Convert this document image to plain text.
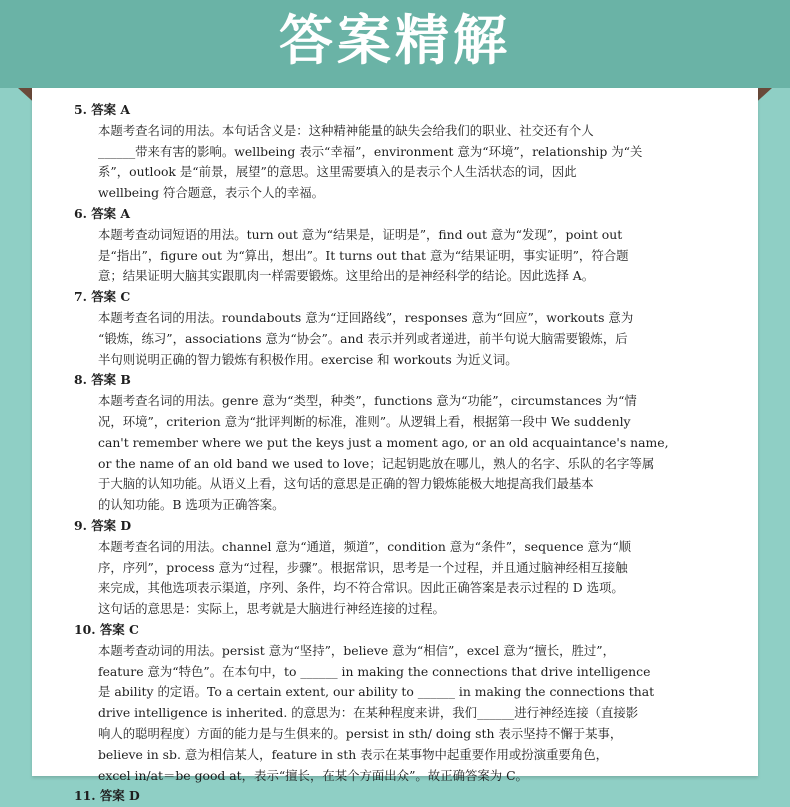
答案精解

5. 答案 A

本题考查名词的用法。本句话含义是：这种精神能量的缺失会给我们的职业、社交还有个人

______带来有害的影响。wellbeing 表示“幸福”，environment 意为“环境”，relationship 为“关

系”，outlook 是“前景，展望”的意思。这里需要填入的是表示个人生活状态的词，因此

wellbeing 符合题意，表示个人的幸福。

6. 答案 A

本题考查动词短语的用法。turn out 意为“结果是，证明是”，find out 意为“发现”，point out

是“指出”，figure out 为“算出，想出”。It turns out that 意为“结果证明，事实证明”，符合题

意；结果证明大脑其实跟肌肉一样需要锻炼。这里给出的是神经科学的结论。因此选择 A。

7. 答案 C

本题考查名词的用法。roundabouts 意为“迂回路线”，responses 意为“回应”，workouts 意为

“锻炼，练习”，associations 意为“协会”。and 表示并列或者递进，前半句说大脑需要锻炼，后

半句则说明正确的智力锻炼有积极作用。exercise 和 workouts 为近义词。

8. 答案 B

本题考查名词的用法。genre 意为“类型，种类”，functions 意为“功能”，circumstances 为“情

况，环境”，criterion 意为“批评判断的标准，准则”。从逻辑上看，根据第一段中 We suddenly

can't remember where we put the keys just a moment ago, or an old acquaintance's name,

or the name of an old band we used to love；记起钥匙放在哪儿，熟人的名字、乐队的名字等属

于大脑的认知功能。从语义上看，这句话的意思是正确的智力锻炼能极大地提高我们最基本

的认知功能。B 选项为正确答案。

9. 答案 D

本题考查名词的用法。channel 意为“通道，频道”，condition 意为“条件”，sequence 意为“顺

序，序列”，process 意为“过程，步骤”。根据常识，思考是一个过程，并且通过脑神经相互接触

来完成，其他选项表示渠道，序列、条件，均不符合常识。因此正确答案是表示过程的 D 选项。

这句话的意思是：实际上，思考就是大脑进行神经连接的过程。

10. 答案 C

本题考查动词的用法。persist 意为“坚持”，believe 意为“相信”，excel 意为“擅长，胜过”，

feature 意为“特色”。在本句中，to ______ in making the connections that drive intelligence

是 ability 的定语。To a certain extent, our ability to ______ in making the connections that

drive intelligence is inherited. 的意思为：在某种程度来讲，我们______进行神经连接（直接影

响人的聪明程度）方面的能力是与生俱来的。persist in sth/ doing sth 表示坚持不懈于某事，

believe in sb. 意为相信某人，feature in sth 表示在某事物中起重要作用或扮演重要角色，

excel in/at＝be good at，表示“擅长，在某个方面出众”。故正确答案为 C。

11. 答案 D
